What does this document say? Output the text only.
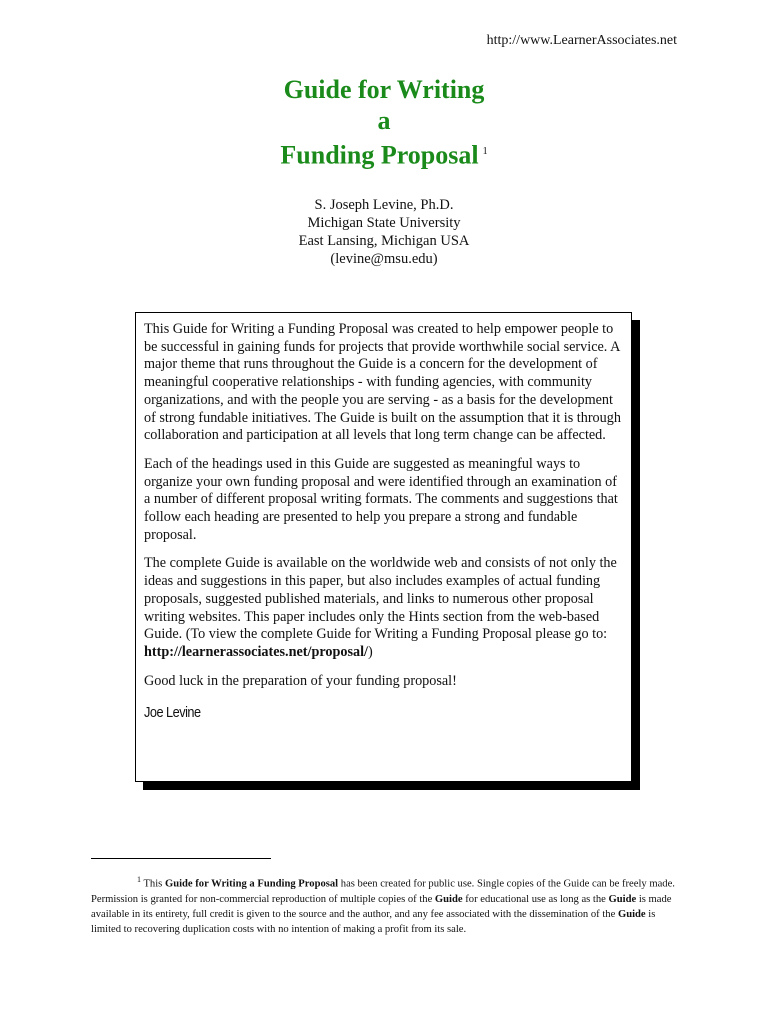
http://www.LearnerAssociates.net
Guide for Writing
a
Funding Proposal $^1$
S. Joseph Levine, Ph.D.
Michigan State University
East Lansing, Michigan USA
(levine@msu.edu)

This Guide for Writing a Funding Proposal was created to help empower people to be successful in gaining funds for projects that provide worthwhile social service. A major theme that runs throughout the Guide is a concern for the development of meaningful cooperative relationships - with funding agencies, with community organizations, and with the people you are serving - as a basis for the development of strong fundable initiatives. The Guide is built on the assumption that it is through collaboration and participation at all levels that long term change can be affected.

Each of the headings used in this Guide are suggested as meaningful ways to organize your own funding proposal and were identified through an examination of a number of different proposal writing formats. The comments and suggestions that follow each heading are presented to help you prepare a strong and fundable proposal.

The complete Guide is available on the worldwide web and consists of not only the ideas and suggestions in this paper, but also includes examples of actual funding proposals, suggested published materials, and links to numerous other proposal writing websites. This paper includes only the Hints section from the web-based Guide. (To view the complete Guide for Writing a Funding Proposal please go to: http://learnerassociates.net/proposal/)

Good luck in the preparation of your funding proposal!

Joe Levine
$^1$ This Guide for Writing a Funding Proposal has been created for public use. Single copies of the Guide can be freely made. Permission is granted for non-commercial reproduction of multiple copies of the Guide for educational use as long as the Guide is made available in its entirety, full credit is given to the source and the author, and any fee associated with the dissemination of the Guide is limited to recovering duplication costs with no intention of making a profit from its sale.
